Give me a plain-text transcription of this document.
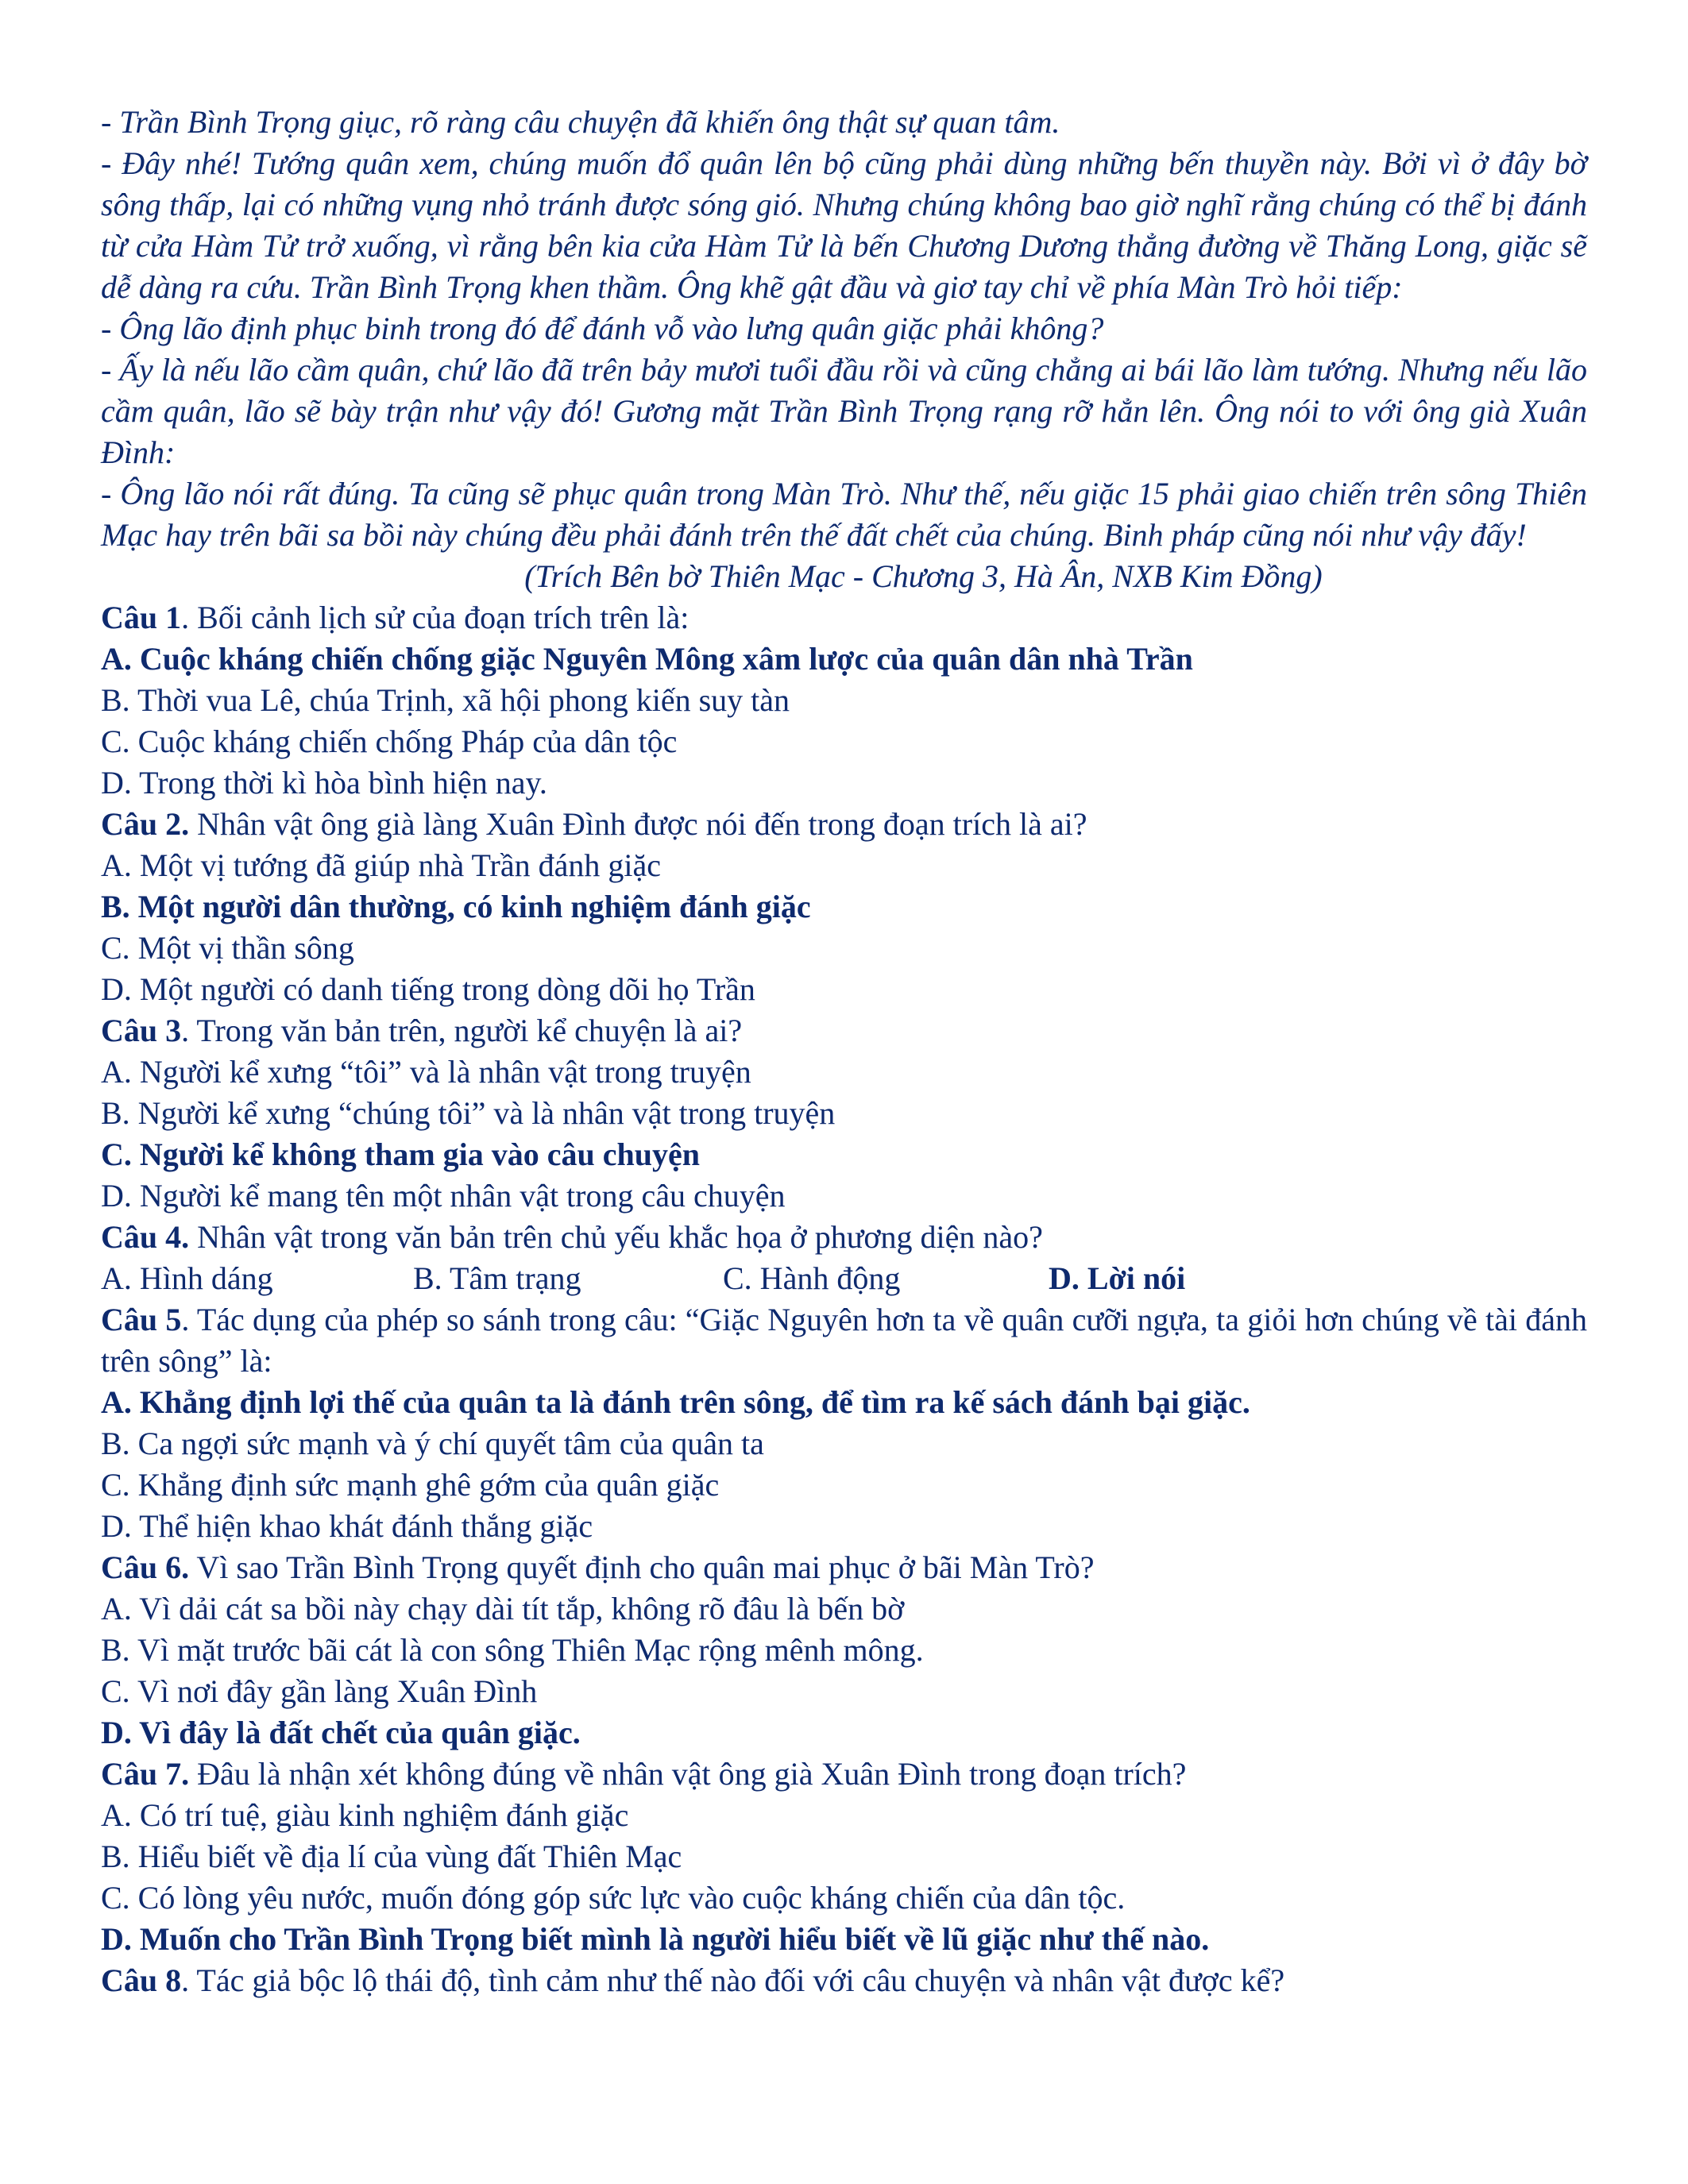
- Trần Bình Trọng giục, rõ ràng câu chuyện đã khiến ông thật sự quan tâm.

- Đây nhé! Tướng quân xem, chúng muốn đổ quân lên bộ cũng phải dùng những bến thuyền này. Bởi vì ở đây bờ sông thấp, lại có những vụng nhỏ tránh được sóng gió. Nhưng chúng không bao giờ nghĩ rằng chúng có thể bị đánh từ cửa Hàm Tử trở xuống, vì rằng bên kia cửa Hàm Tử là bến Chương Dương thẳng đường về Thăng Long, giặc sẽ dễ dàng ra cứu. Trần Bình Trọng khen thầm. Ông khẽ gật đầu và giơ tay chỉ về phía Màn Trò hỏi tiếp:

- Ông lão định phục binh trong đó để đánh vỗ vào lưng quân giặc phải không?

- Ấy là nếu lão cầm quân, chứ lão đã trên bảy mươi tuổi đầu rồi và cũng chẳng ai bái lão làm tướng. Nhưng nếu lão cầm quân, lão sẽ bày trận như vậy đó! Gương mặt Trần Bình Trọng rạng rỡ hẳn lên. Ông nói to với ông già Xuân Đình:

- Ông lão nói rất đúng. Ta cũng sẽ phục quân trong Màn Trò. Như thế, nếu giặc 15 phải giao chiến trên sông Thiên Mạc hay trên bãi sa bồi này chúng đều phải đánh trên thế đất chết của chúng. Binh pháp cũng nói như vậy đấy!

(Trích Bên bờ Thiên Mạc - Chương 3, Hà Ân, NXB Kim Đồng)

Câu 1. Bối cảnh lịch sử của đoạn trích trên là:

A. Cuộc kháng chiến chống giặc Nguyên Mông xâm lược của quân dân nhà Trần

B. Thời vua Lê, chúa Trịnh, xã hội phong kiến suy tàn

C. Cuộc kháng chiến chống Pháp của dân tộc

D. Trong thời kì hòa bình hiện nay.

Câu 2. Nhân vật ông già làng Xuân Đình được nói đến trong đoạn trích là ai?

A. Một vị tướng đã giúp nhà Trần đánh giặc

B. Một người dân thường, có kinh nghiệm đánh giặc

C. Một vị thần sông

D. Một người có danh tiếng trong dòng dõi họ Trần

Câu 3. Trong văn bản trên, người kể chuyện là ai?

A. Người kể xưng “tôi” và là nhân vật trong truyện

B. Người kể xưng “chúng tôi” và là nhân vật trong truyện

C. Người kể không tham gia vào câu chuyện

D. Người kể mang tên một nhân vật trong câu chuyện

Câu 4. Nhân vật trong văn bản trên chủ yếu khắc họa ở phương diện nào?

A. Hình dáng	B. Tâm trạng	C. Hành động	D. Lời nói

Câu 5. Tác dụng của phép so sánh trong câu: “Giặc Nguyên hơn ta về quân cưỡi ngựa, ta giỏi hơn chúng về tài đánh trên sông” là:

A. Khẳng định lợi thế của quân ta là đánh trên sông, để tìm ra kế sách đánh bại giặc.

B. Ca ngợi sức mạnh và ý chí quyết tâm của quân ta

C. Khẳng định sức mạnh ghê gớm của quân giặc

D. Thể hiện khao khát đánh thắng giặc

Câu 6. Vì sao Trần Bình Trọng quyết định cho quân mai phục ở bãi Màn Trò?

A. Vì dải cát sa bồi này chạy dài tít tắp, không rõ đâu là bến bờ

B. Vì mặt trước bãi cát là con sông Thiên Mạc rộng mênh mông.

C. Vì nơi đây gần làng Xuân Đình

D. Vì đây là đất chết của quân giặc.

Câu 7. Đâu là nhận xét không đúng về nhân vật ông già Xuân Đình trong đoạn trích?

A. Có trí tuệ, giàu kinh nghiệm đánh giặc

B. Hiểu biết về địa lí của vùng đất Thiên Mạc

C. Có lòng yêu nước, muốn đóng góp sức lực vào cuộc kháng chiến của dân tộc.

D. Muốn cho Trần Bình Trọng biết mình là người hiểu biết về lũ giặc như thế nào.

Câu 8. Tác giả bộc lộ thái độ, tình cảm như thế nào đối với câu chuyện và nhân vật được kể?
